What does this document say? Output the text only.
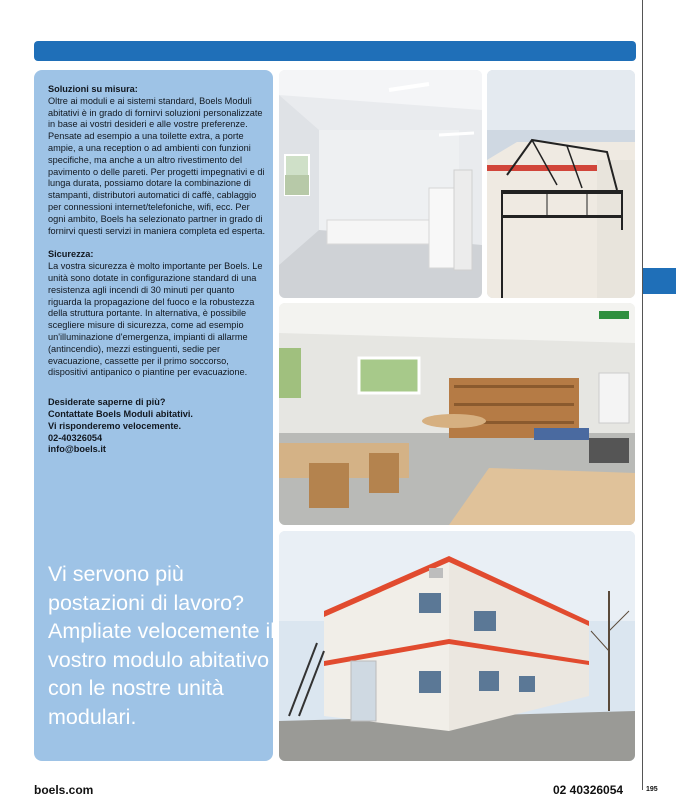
Soluzioni su misura:

Oltre ai moduli e ai sistemi standard, Boels Moduli abitativi è in grado di fornirvi soluzioni personalizzate in base ai vostri desideri e alle vostre preferenze. Pensate ad esempio a una toilette extra, a porte ampie, a una reception o ad ambienti con funzioni specifiche, ma anche a un altro rivestimento del pavimento o delle pareti. Per progetti impegnativi e di lunga durata, possiamo dotare la combinazione di stampanti, distributori automatici di caffè, cablaggio per connessioni internet/telefoniche, wifi, ecc. Per ogni ambito, Boels ha selezionato partner in grado di fornirvi questi servizi in maniera completa ed esperta.

Sicurezza:

La vostra sicurezza è molto importante per Boels. Le unità sono dotate in configurazione standard di una resistenza agli incendi di 30 minuti per quanto riguarda la propagazione del fuoco e la robustezza della struttura portante. In alternativa, è possibile scegliere misure di sicurezza, come ad esempio un'illuminazione d'emergenza, impianti di allarme (antincendio), mezzi estinguenti, sedie per evacuazione, cassette per il primo soccorso, dispositivi antipanico o piantine per evacuazione.

Desiderate saperne di più?

Contattate Boels Moduli abitativi.

Vi risponderemo velocemente.

02-40326054

info@boels.it

Vi servono più postazioni di lavoro? Ampliate velocemente il vostro modulo abitativo con le nostre unità modulari.
boels.com	02 40326054	195
